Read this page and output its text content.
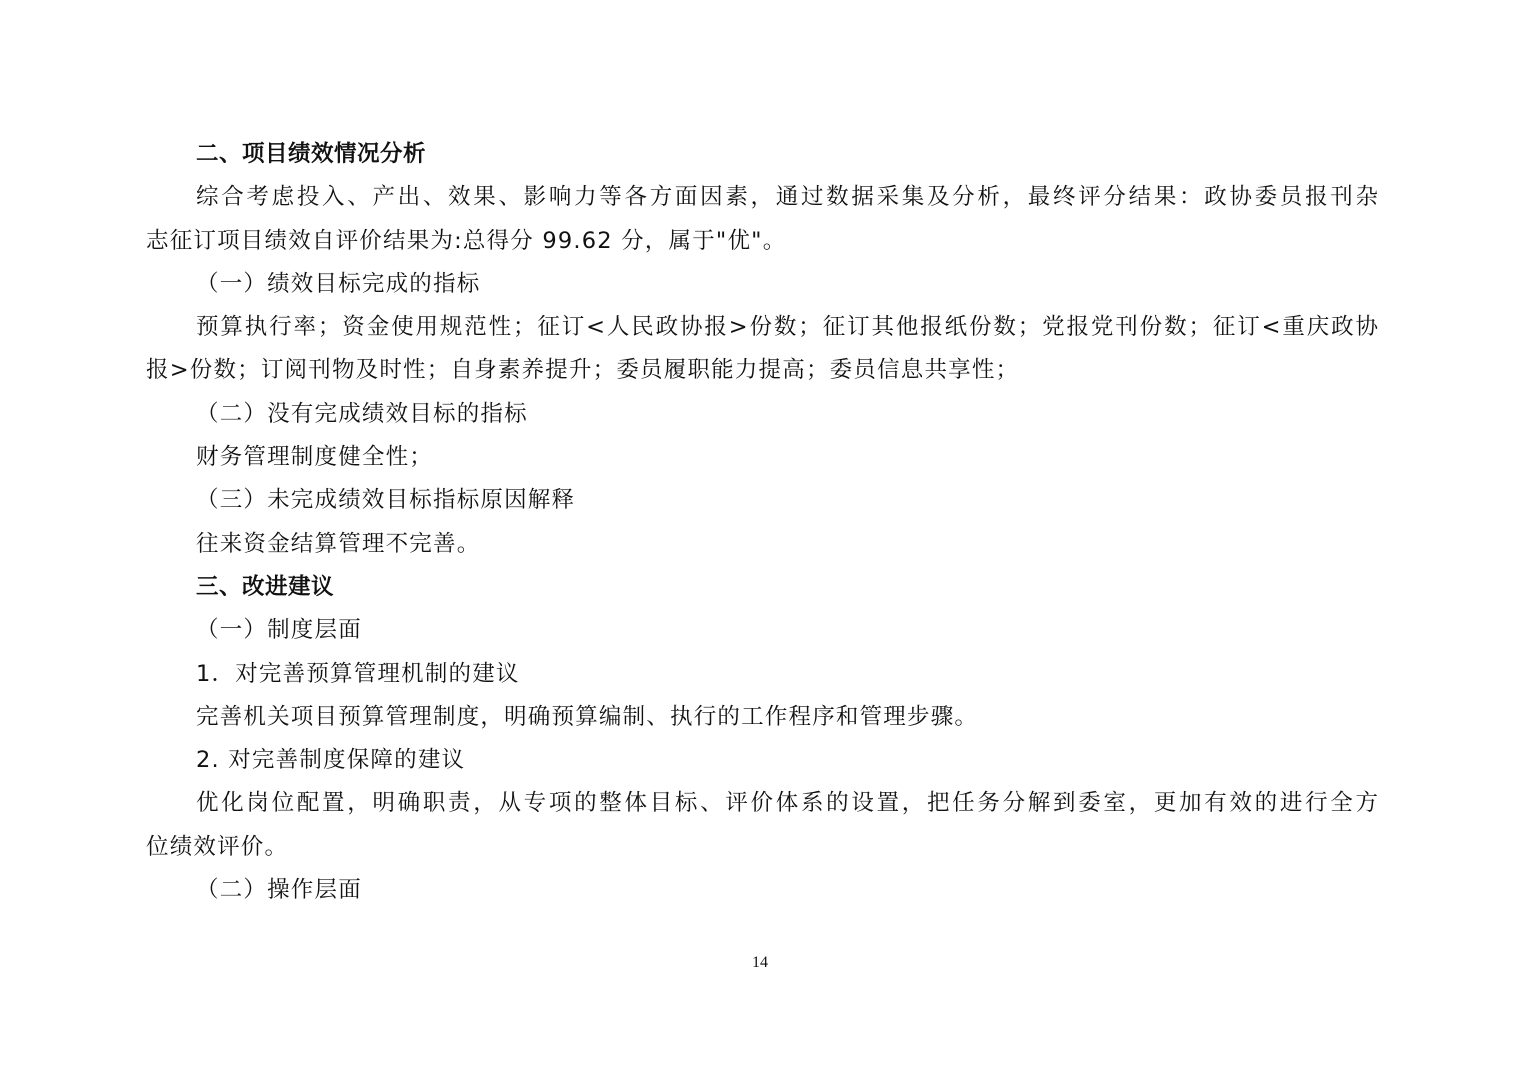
二、项目绩效情况分析
综合考虑投入、产出、效果、影响力等各方面因素，通过数据采集及分析，最终评分结果：政协委员报刊杂
志征订项目绩效自评价结果为:总得分 99.62 分，属于"优"。
（一）绩效目标完成的指标
预算执行率；资金使用规范性；征订<人民政协报>份数；征订其他报纸份数；党报党刊份数；征订<重庆政协
报>份数；订阅刊物及时性；自身素养提升；委员履职能力提高；委员信息共享性；
（二）没有完成绩效目标的指标
财务管理制度健全性；
（三）未完成绩效目标指标原因解释
往来资金结算管理不完善。
三、改进建议
（一）制度层面
1．对完善预算管理机制的建议
完善机关项目预算管理制度，明确预算编制、执行的工作程序和管理步骤。
2. 对完善制度保障的建议
优化岗位配置，明确职责，从专项的整体目标、评价体系的设置，把任务分解到委室，更加有效的进行全方
位绩效评价。
（二）操作层面
14
